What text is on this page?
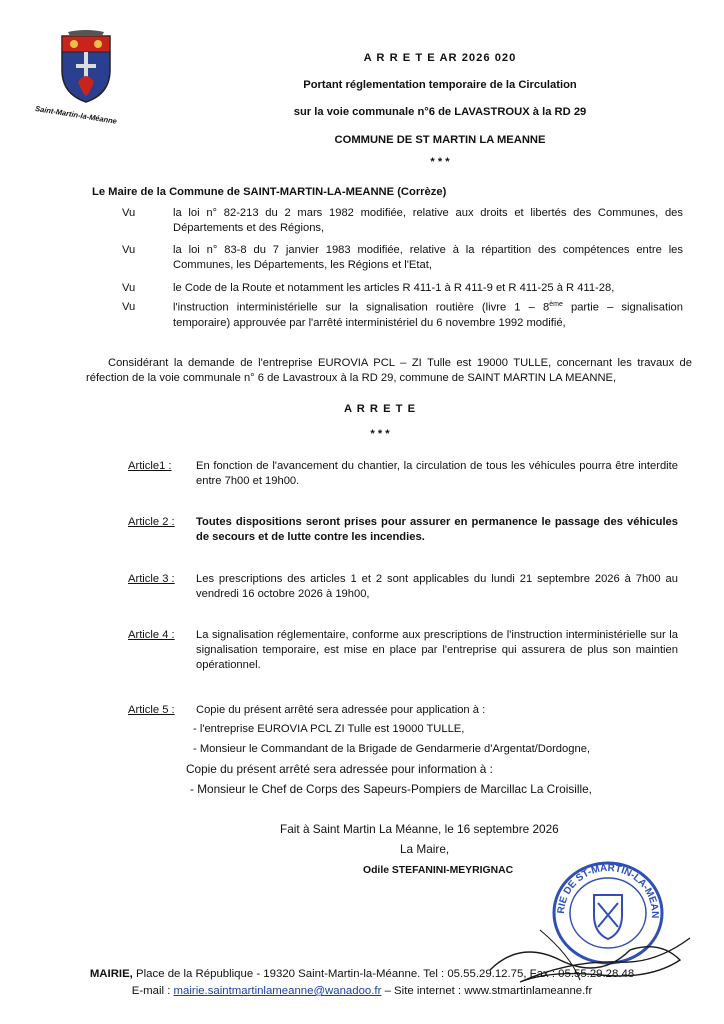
Saint-Martin-la-Méanne
A R R E T E AR 2026 020
Portant réglementation temporaire de la Circulation
sur la voie communale n°6 de LAVASTROUX à la RD 29
COMMUNE DE ST MARTIN LA MEANNE
* * *
Le Maire de la Commune de SAINT-MARTIN-LA-MEANNE (Corrèze)
Vu	la loi n° 82-213 du 2 mars 1982 modifiée, relative aux droits et libertés des Communes, des Départements et des Régions,
Vu	la loi n° 83-8 du 7 janvier 1983 modifiée, relative à la répartition des compétences entre les Communes, les Départements, les Régions et l'Etat,
Vu	le Code de la Route et notamment les articles R 411-1 à R 411-9 et R 411-25 à R 411-28,
Vu	l'instruction interministérielle sur la signalisation routière (livre 1 – 8ème partie – signalisation temporaire) approuvée par l'arrêté interministériel du 6 novembre 1992 modifié,
Considérant la demande de l'entreprise EUROVIA PCL – ZI Tulle est 19000 TULLE, concernant les travaux de réfection de la voie communale n° 6 de Lavastroux à la RD 29, commune de SAINT MARTIN LA MEANNE,
A R R E T E
* * *
Article1 :	En fonction de l'avancement du chantier, la circulation de tous les véhicules pourra être interdite entre 7h00 et 19h00.
Article 2 :	Toutes dispositions seront prises pour assurer en permanence le passage des véhicules de secours et de lutte contre les incendies.
Article 3 :	Les prescriptions des articles 1 et 2 sont applicables du lundi 21 septembre 2026 à 7h00 au vendredi 16 octobre 2026 à 19h00,
Article 4 :	La signalisation réglementaire, conforme aux prescriptions de l'instruction interministérielle sur la signalisation temporaire, est mise en place par l'entreprise qui assurera de plus son maintien opérationnel.
Article 5 :	Copie du présent arrêté sera adressée pour application à :
- l'entreprise EUROVIA PCL ZI Tulle est 19000 TULLE,
- Monsieur le Commandant de la Brigade de Gendarmerie d'Argentat/Dordogne,
Copie du présent arrêté sera adressée pour information à :
- Monsieur le Chef de Corps des Sapeurs-Pompiers de Marcillac La Croisille,
Fait à Saint Martin La Méanne, le 16 septembre 2026
La Maire,
Odile STEFANINI-MEYRIGNAC
RIE DE ST-MARTIN-LA-MEAN
MAIRIE, Place de la République - 19320 Saint-Martin-la-Méanne. Tel : 05.55.29.12.75, Fax : 05.55.29.28.48
E-mail : mairie.saintmartinlameanne@wanadoo.fr – Site internet : www.stmartinlameanne.fr
